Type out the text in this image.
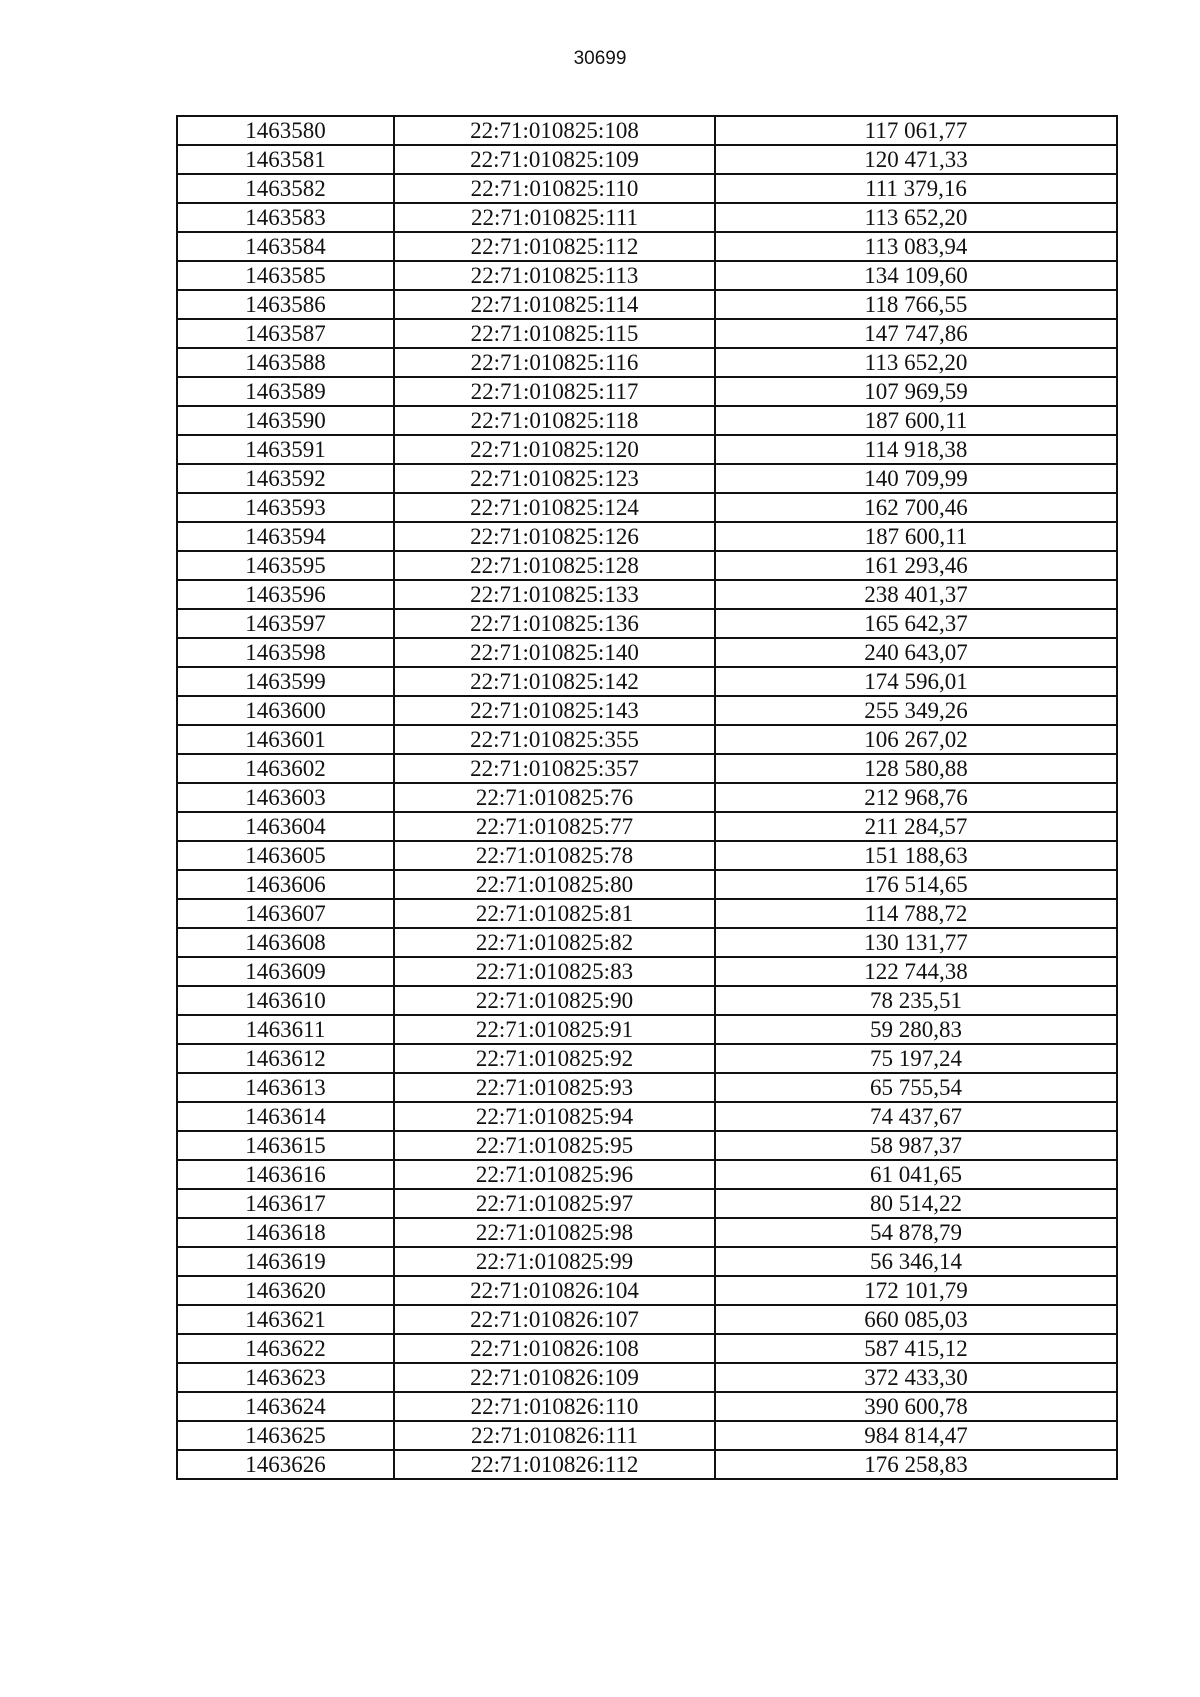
30699
1463580	22:71:010825:108	117 061,77
1463581	22:71:010825:109	120 471,33
1463582	22:71:010825:110	111 379,16
1463583	22:71:010825:111	113 652,20
1463584	22:71:010825:112	113 083,94
1463585	22:71:010825:113	134 109,60
1463586	22:71:010825:114	118 766,55
1463587	22:71:010825:115	147 747,86
1463588	22:71:010825:116	113 652,20
1463589	22:71:010825:117	107 969,59
1463590	22:71:010825:118	187 600,11
1463591	22:71:010825:120	114 918,38
1463592	22:71:010825:123	140 709,99
1463593	22:71:010825:124	162 700,46
1463594	22:71:010825:126	187 600,11
1463595	22:71:010825:128	161 293,46
1463596	22:71:010825:133	238 401,37
1463597	22:71:010825:136	165 642,37
1463598	22:71:010825:140	240 643,07
1463599	22:71:010825:142	174 596,01
1463600	22:71:010825:143	255 349,26
1463601	22:71:010825:355	106 267,02
1463602	22:71:010825:357	128 580,88
1463603	22:71:010825:76	212 968,76
1463604	22:71:010825:77	211 284,57
1463605	22:71:010825:78	151 188,63
1463606	22:71:010825:80	176 514,65
1463607	22:71:010825:81	114 788,72
1463608	22:71:010825:82	130 131,77
1463609	22:71:010825:83	122 744,38
1463610	22:71:010825:90	78 235,51
1463611	22:71:010825:91	59 280,83
1463612	22:71:010825:92	75 197,24
1463613	22:71:010825:93	65 755,54
1463614	22:71:010825:94	74 437,67
1463615	22:71:010825:95	58 987,37
1463616	22:71:010825:96	61 041,65
1463617	22:71:010825:97	80 514,22
1463618	22:71:010825:98	54 878,79
1463619	22:71:010825:99	56 346,14
1463620	22:71:010826:104	172 101,79
1463621	22:71:010826:107	660 085,03
1463622	22:71:010826:108	587 415,12
1463623	22:71:010826:109	372 433,30
1463624	22:71:010826:110	390 600,78
1463625	22:71:010826:111	984 814,47
1463626	22:71:010826:112	176 258,83
